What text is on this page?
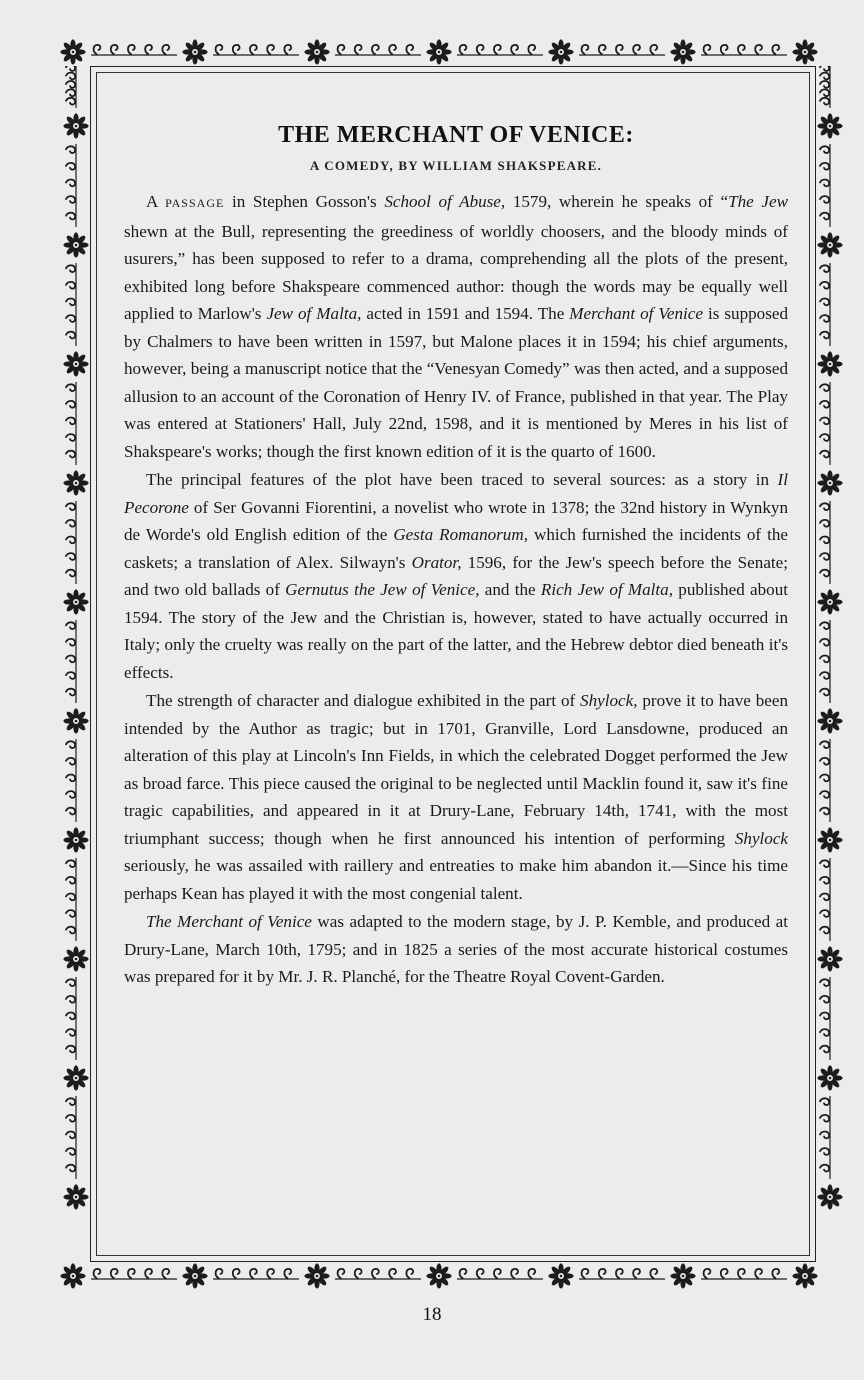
THE MERCHANT OF VENICE:
A COMEDY, BY WILLIAM SHAKSPEARE.

A PASSAGE in Stephen Gosson's School of Abuse, 1579, wherein he speaks of “The Jew shewn at the Bull, representing the greediness of worldly choosers, and the bloody minds of usurers,” has been supposed to refer to a drama, comprehending all the plots of the present, exhibited long before Shakspeare commenced author: though the words may be equally well applied to Marlow's Jew of Malta, acted in 1591 and 1594. The Merchant of Venice is supposed by Chalmers to have been written in 1597, but Malone places it in 1594; his chief arguments, however, being a manuscript notice that the “Venesyan Comedy” was then acted, and a supposed allusion to an account of the Coronation of Henry IV. of France, published in that year. The Play was entered at Stationers' Hall, July 22nd, 1598, and it is mentioned by Meres in his list of Shakspeare's works; though the first known edition of it is the quarto of 1600.

The principal features of the plot have been traced to several sources: as a story in Il Pecorone of Ser Govanni Fiorentini, a novelist who wrote in 1378; the 32nd history in Wynkyn de Worde's old English edition of the Gesta Romanorum, which furnished the incidents of the caskets; a translation of Alex. Silwayn's Orator, 1596, for the Jew's speech before the Senate; and two old ballads of Gernutus the Jew of Venice, and the Rich Jew of Malta, published about 1594. The story of the Jew and the Christian is, however, stated to have actually occurred in Italy; only the cruelty was really on the part of the latter, and the Hebrew debtor died beneath it's effects.

The strength of character and dialogue exhibited in the part of Shylock, prove it to have been intended by the Author as tragic; but in 1701, Granville, Lord Lansdowne, produced an alteration of this play at Lincoln's Inn Fields, in which the celebrated Dogget performed the Jew as broad farce. This piece caused the original to be neglected until Macklin found it, saw it's fine tragic capabilities, and appeared in it at Drury-Lane, February 14th, 1741, with the most triumphant success; though when he first announced his intention of performing Shylock seriously, he was assailed with raillery and entreaties to make him abandon it.—Since his time perhaps Kean has played it with the most congenial talent.

The Merchant of Venice was adapted to the modern stage, by J. P. Kemble, and produced at Drury-Lane, March 10th, 1795; and in 1825 a series of the most accurate historical costumes was prepared for it by Mr. J. R. Planché, for the Theatre Royal Covent-Garden.

18
